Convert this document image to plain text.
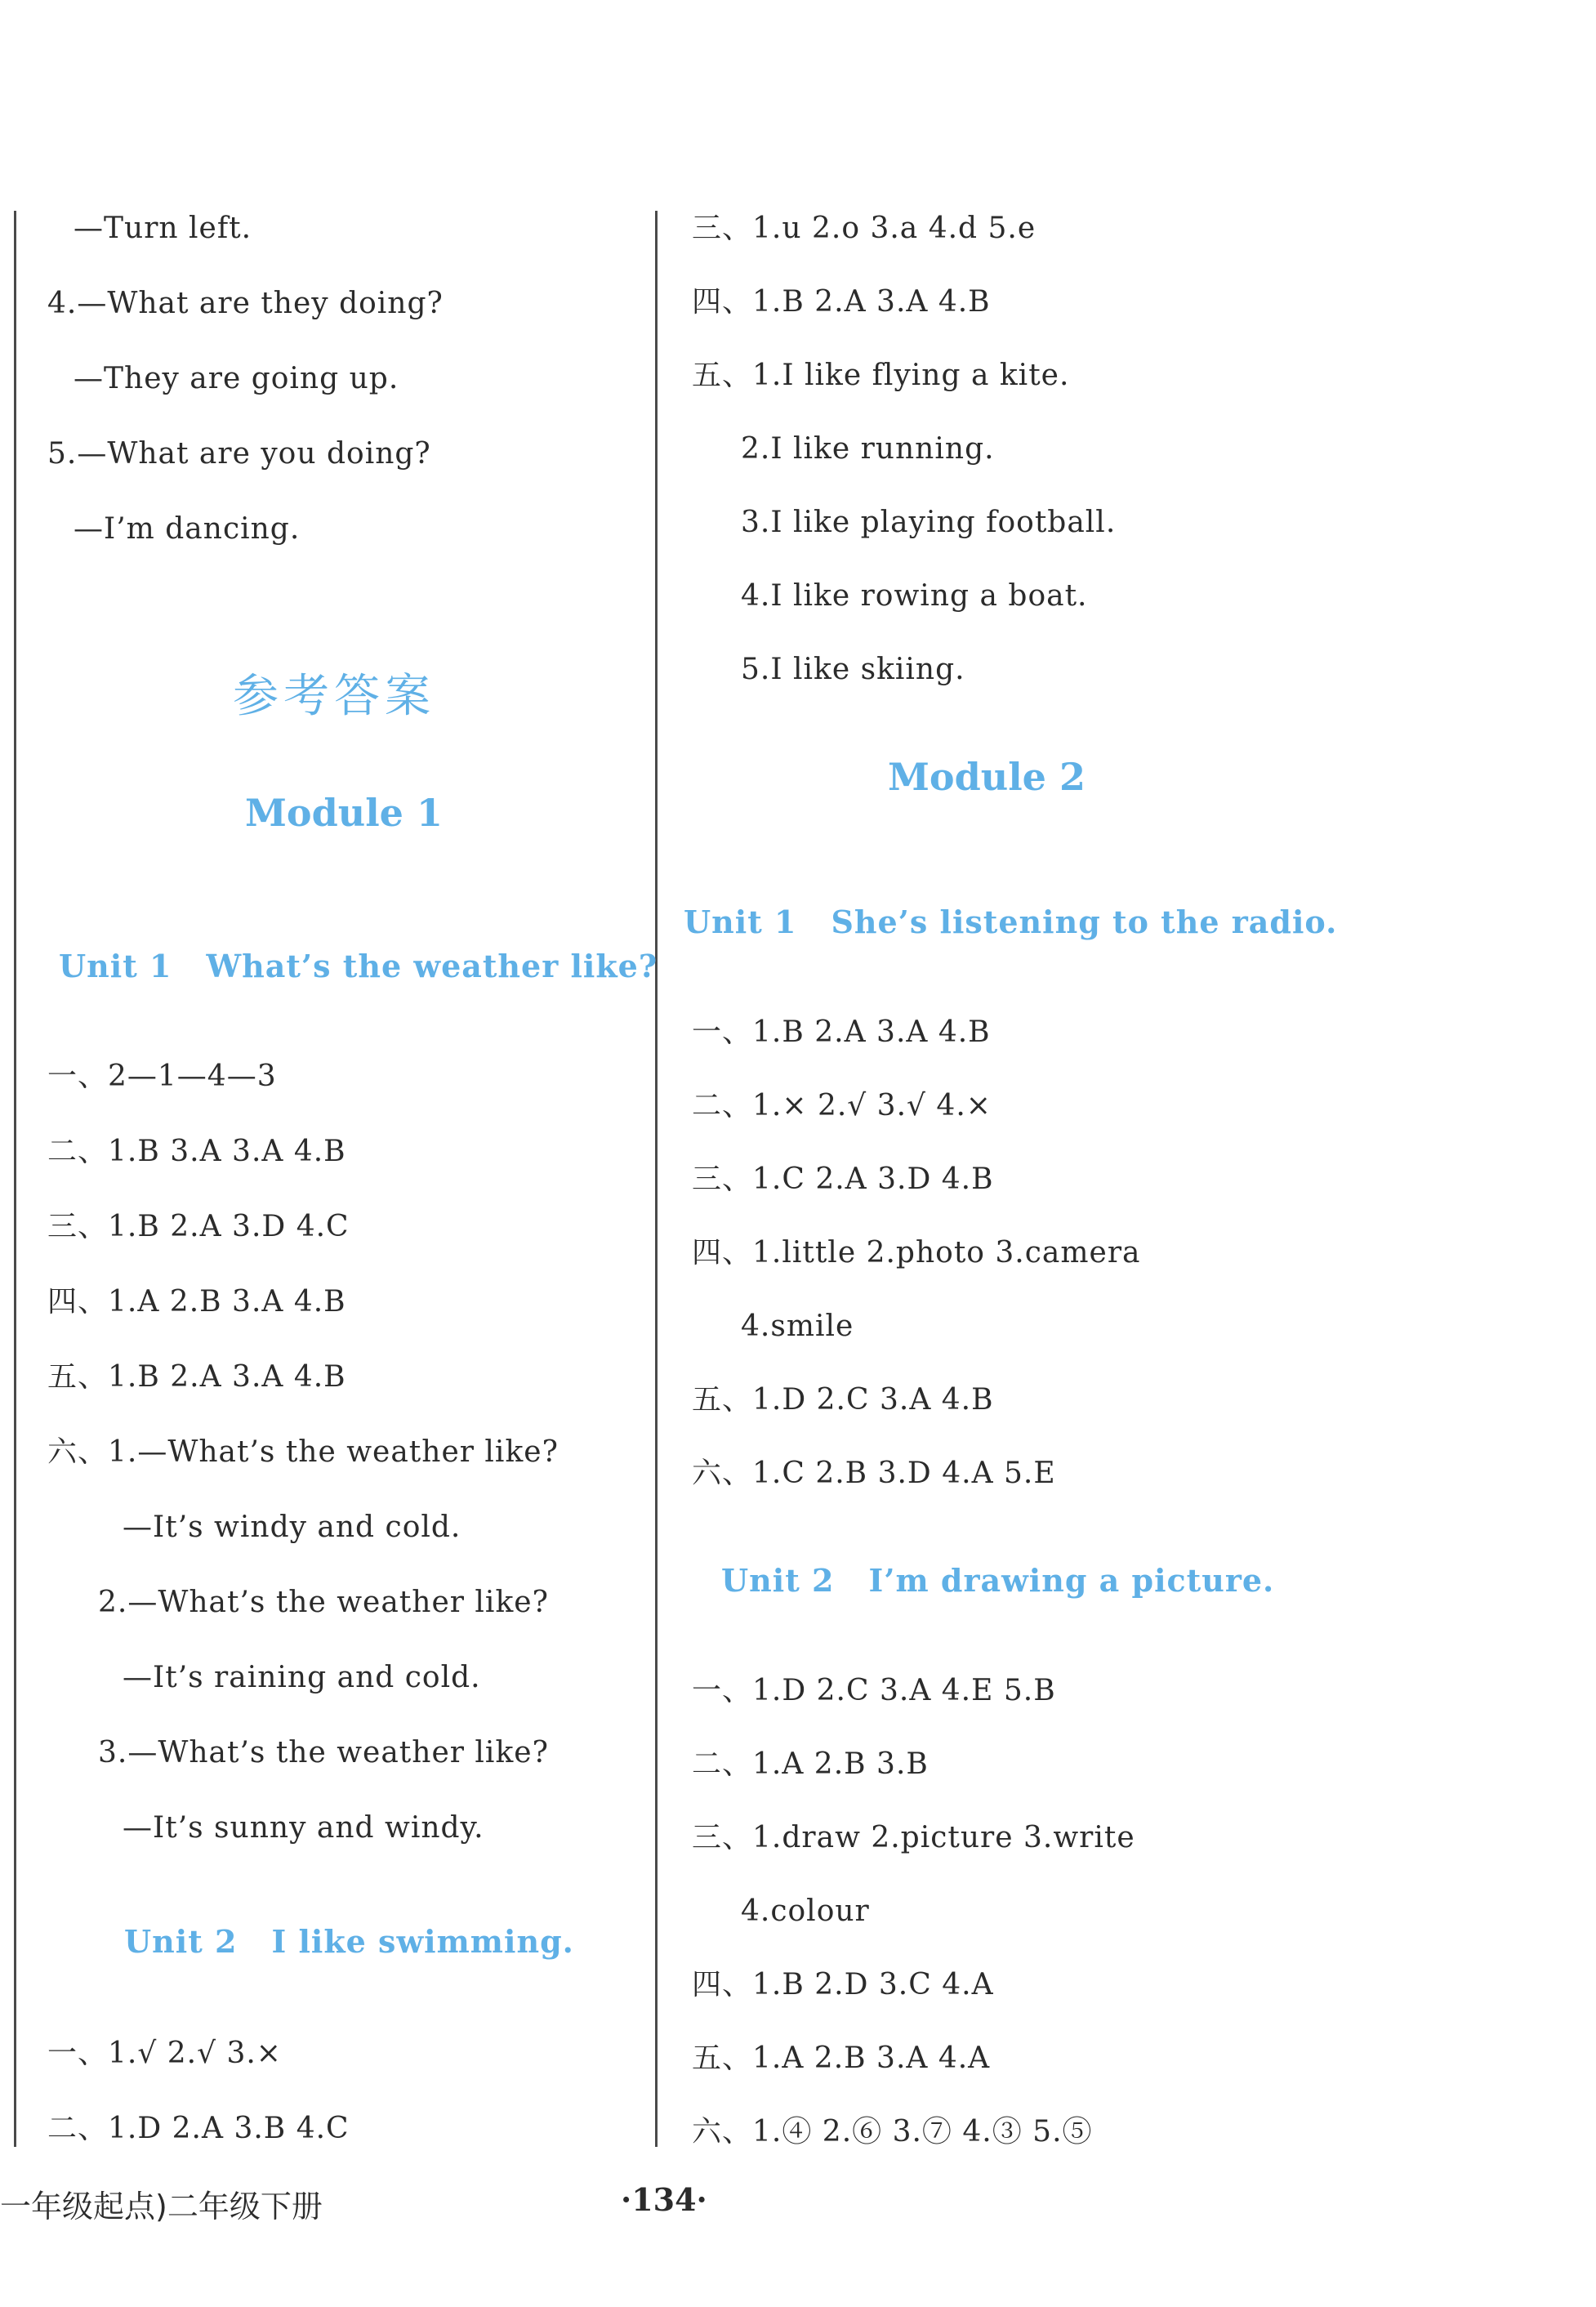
—Turn left.
4.—What are they doing?
—They are going up.
5.—What are you doing?
—I’m dancing.
参考答案
Module 1
Unit 1 What’s the weather like?
一、2—1—4—3
二、1.B 3.A 3.A 4.B
三、1.B 2.A 3.D 4.C
四、1.A 2.B 3.A 4.B
五、1.B 2.A 3.A 4.B
六、1.—What’s the weather like?
—It’s windy and cold.
2.—What’s the weather like?
—It’s raining and cold.
3.—What’s the weather like?
—It’s sunny and windy.
Unit 2 I like swimming.
一、1.√ 2.√ 3.×
二、1.D 2.A 3.B 4.C
三、1.u 2.o 3.a 4.d 5.e
四、1.B 2.A 3.A 4.B
五、1.I like flying a kite.
2.I like running.
3.I like playing football.
4.I like rowing a boat.
5.I like skiing.
Module 2
Unit 1 She’s listening to the radio.
一、1.B 2.A 3.A 4.B
二、1.× 2.√ 3.√ 4.×
三、1.C 2.A 3.D 4.B
四、1.little 2.photo 3.camera
4.smile
五、1.D 2.C 3.A 4.B
六、1.C 2.B 3.D 4.A 5.E
Unit 2 I’m drawing a picture.
一、1.D 2.C 3.A 4.E 5.B
二、1.A 2.B 3.B
三、1.draw 2.picture 3.write
4.colour
四、1.B 2.D 3.C 4.A
五、1.A 2.B 3.A 4.A
六、1.④ 2.⑥ 3.⑦ 4.③ 5.⑤
一年级起点)二年级下册	·134·
